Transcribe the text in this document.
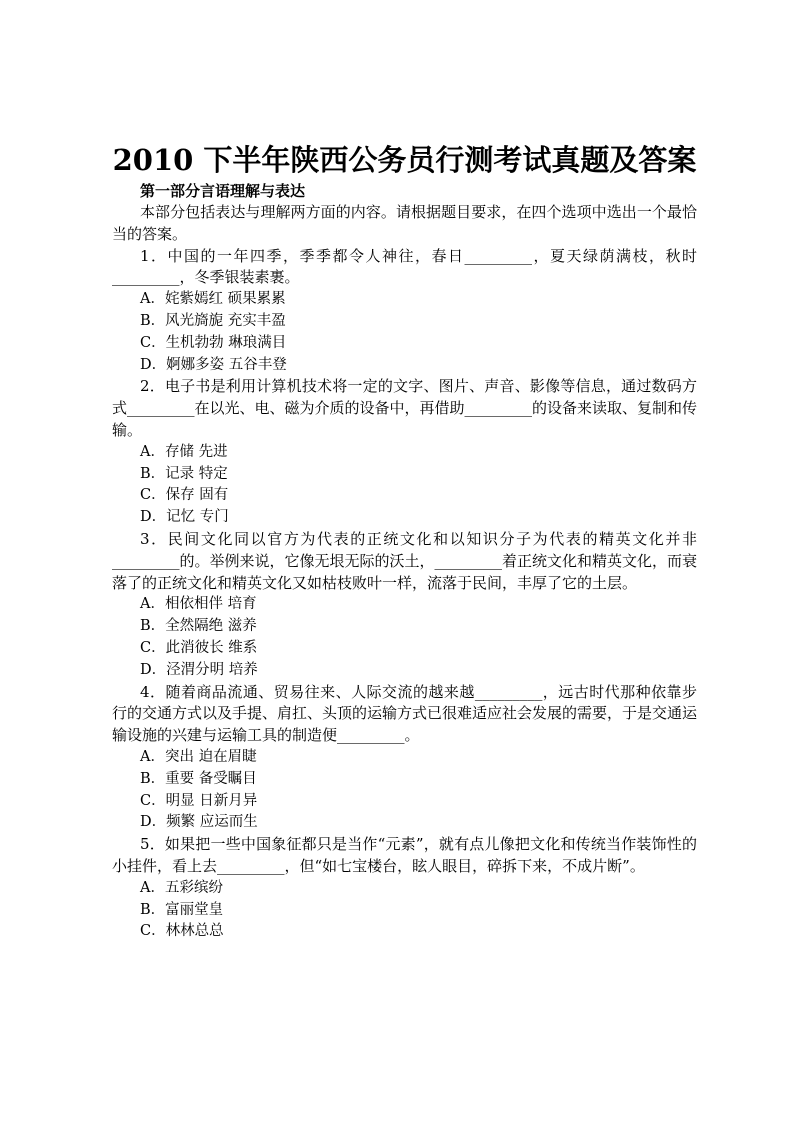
2010 下半年陕西公务员行测考试真题及答案

第一部分言语理解与表达

本部分包括表达与理解两方面的内容。请根据题目要求，在四个选项中选出一个最恰当的答案。

1．中国的一年四季，季季都令人神往，春日_________，夏天绿荫满枝，秋时_________，冬季银装素裹。

A．姹紫嫣红 硕果累累

B．风光旖旎 充实丰盈

C．生机勃勃 琳琅满目

D．婀娜多姿 五谷丰登

2．电子书是利用计算机技术将一定的文字、图片、声音、影像等信息，通过数码方式_________在以光、电、磁为介质的设备中，再借助_________的设备来读取、复制和传输。

A．存储 先进

B．记录 特定

C．保存 固有

D．记忆 专门

3．民间文化同以官方为代表的正统文化和以知识分子为代表的精英文化并非_________的。举例来说，它像无垠无际的沃土，_________着正统文化和精英文化，而衰落了的正统文化和精英文化又如枯枝败叶一样，流落于民间，丰厚了它的土层。

A．相依相伴 培育

B．全然隔绝 滋养

C．此消彼长 维系

D．泾渭分明 培养

4．随着商品流通、贸易往来、人际交流的越来越_________，远古时代那种依靠步行的交通方式以及手提、肩扛、头顶的运输方式已很难适应社会发展的需要，于是交通运输设施的兴建与运输工具的制造便_________。

A．突出 迫在眉睫

B．重要 备受瞩目

C．明显 日新月异

D．频繁 应运而生

5．如果把一些中国象征都只是当作“元素”，就有点儿像把文化和传统当作装饰性的小挂件，看上去_________，但“如七宝楼台，眩人眼目，碎拆下来，不成片断”。

A．五彩缤纷

B．富丽堂皇

C．林林总总
